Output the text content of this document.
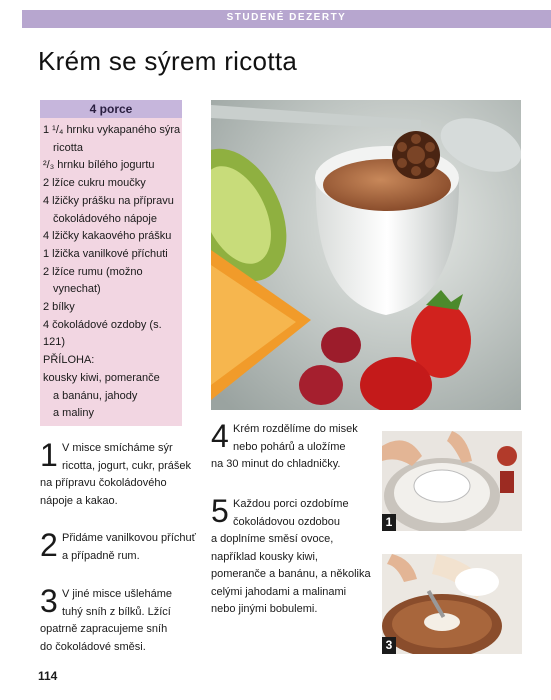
STUDENÉ DEZERTY
Krém se sýrem ricotta
4 porce
1 ¹/₄ hrnku vykapaného sýra
ricotta
²/₃ hrnku bílého jogurtu
2 lžíce cukru moučky
4 lžičky prášku na přípravu
čokoládového nápoje
4 lžičky kakaového prášku
1 lžička vanilkové příchuti
2 lžíce rumu (možno
vynechat)
2 bílky
4 čokoládové ozdoby (s. 121)
PŘÍLOHA:
kousky kiwi, pomeranče
a banánu, jahody
a maliny
1 V misce smícháme sýr
ricotta, jogurt, cukr, prášek
na přípravu čokoládového
nápoje a kakao.
2 Přidáme vanilkovou příchuť
a případně rum.
3 V jiné misce ušleháme
tuhý sníh z bílků. Lžící
opatrně zapracujeme sníh
do čokoládové směsi.
4 Krém rozdělíme do misek
nebo pohárů a uložíme
na 30 minut do chladničky.
5 Každou porci ozdobíme
čokoládovou ozdobou
a doplníme směsí ovoce,
například kousky kiwi,
pomeranče a banánu, a několika
celými jahodami a malinami
nebo jinými bobulemi.
1
3
114
